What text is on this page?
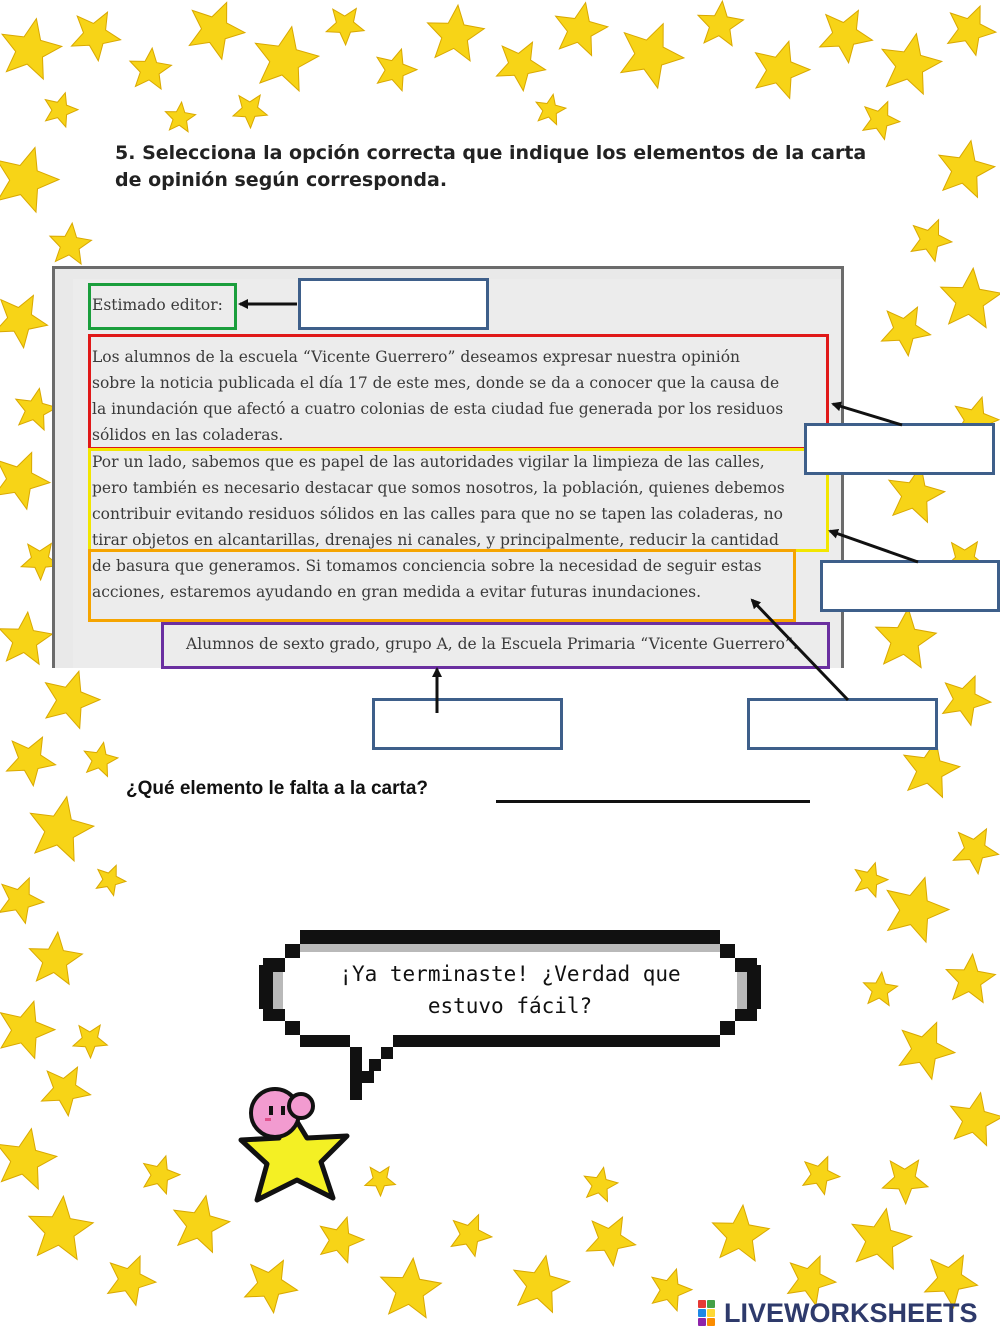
5. Selecciona la opción correcta que indique los elementos de la carta
de opinión según corresponda.
Estimado editor:
Los alumnos de la escuela “Vicente Guerrero” deseamos expresar nuestra opinión
sobre la noticia publicada el día 17 de este mes, donde se da a conocer que la causa de
la inundación que afectó a cuatro colonias de esta ciudad fue generada por los residuos
sólidos en las coladeras.
Por un lado, sabemos que es papel de las autoridades vigilar la limpieza de las calles,
pero también es necesario destacar que somos nosotros, la población, quienes debemos
contribuir evitando residuos sólidos en las calles para que no se tapen las coladeras, no
tirar objetos en alcantarillas, drenajes ni canales, y principalmente, reducir la cantidad
de basura que generamos. Si tomamos conciencia sobre la necesidad de seguir estas
acciones, estaremos ayudando en gran medida a evitar futuras inundaciones.
Alumnos de sexto grado, grupo A, de la Escuela Primaria “Vicente Guerrero”.
¿Qué elemento le falta a la carta?
¡Ya terminaste! ¿Verdad que
estuvo fácil?
LIVEWORKSHEETS
